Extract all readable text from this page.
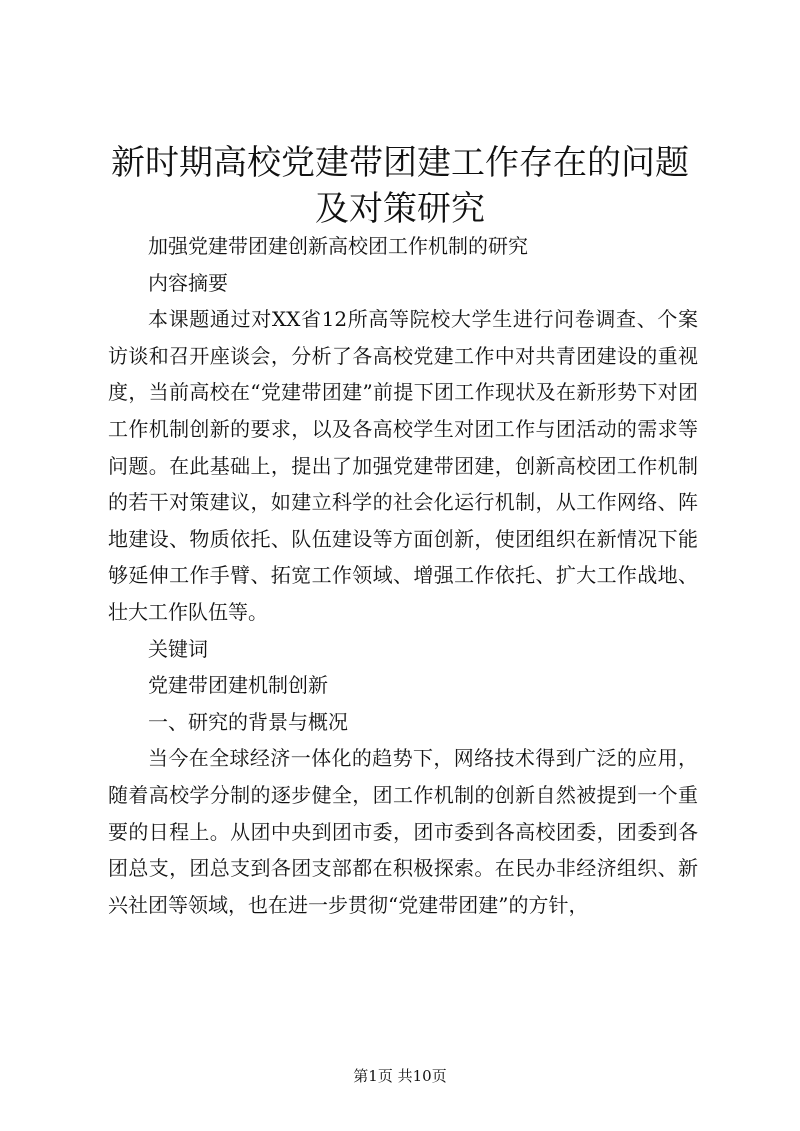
新时期高校党建带团建工作存在的问题及对策研究

加强党建带团建创新高校团工作机制的研究

内容摘要

本课题通过对XX省12所高等院校大学生进行问卷调查、个案访谈和召开座谈会，分析了各高校党建工作中对共青团建设的重视度，当前高校在“党建带团建”前提下团工作现状及在新形势下对团工作机制创新的要求，以及各高校学生对团工作与团活动的需求等问题。在此基础上，提出了加强党建带团建，创新高校团工作机制的若干对策建议，如建立科学的社会化运行机制，从工作网络、阵地建设、物质依托、队伍建设等方面创新，使团组织在新情况下能够延伸工作手臂、拓宽工作领域、增强工作依托、扩大工作战地、壮大工作队伍等。

关键词

党建带团建机制创新

一、研究的背景与概况

当今在全球经济一体化的趋势下，网络技术得到广泛的应用，随着高校学分制的逐步健全，团工作机制的创新自然被提到一个重要的日程上。从团中央到团市委，团市委到各高校团委，团委到各团总支，团总支到各团支部都在积极探索。在民办非经济组织、新兴社团等领域，也在进一步贯彻“党建带团建”的方针，

第1页 共10页
